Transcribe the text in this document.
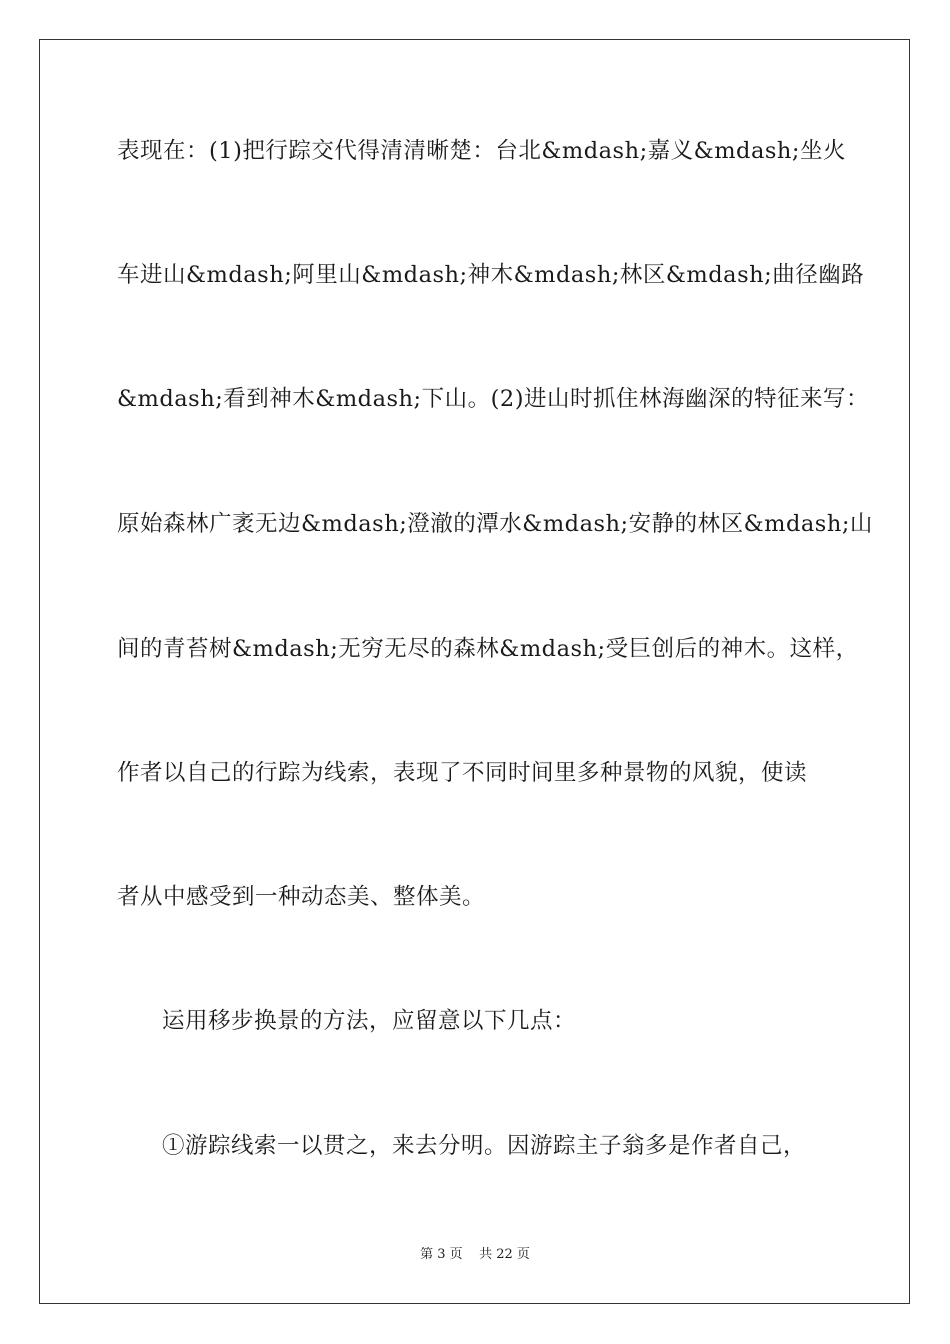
表现在：(1)把行踪交代得清清晰楚：台北&mdash;嘉义&mdash;坐火
车进山&mdash;阿里山&mdash;神木&mdash;林区&mdash;曲径幽路
&mdash;看到神木&mdash;下山。(2)进山时抓住林海幽深的特征来写：
原始森林广袤无边&mdash;澄澈的潭水&mdash;安静的林区&mdash;山
间的青苔树&mdash;无穷无尽的森林&mdash;受巨创后的神木。这样，
作者以自己的行踪为线索，表现了不同时间里多种景物的风貌，使读
者从中感受到一种动态美、整体美。
运用移步换景的方法，应留意以下几点：
①游踪线索一以贯之，来去分明。因游踪主子翁多是作者自己，
第 3 页    共 22 页
